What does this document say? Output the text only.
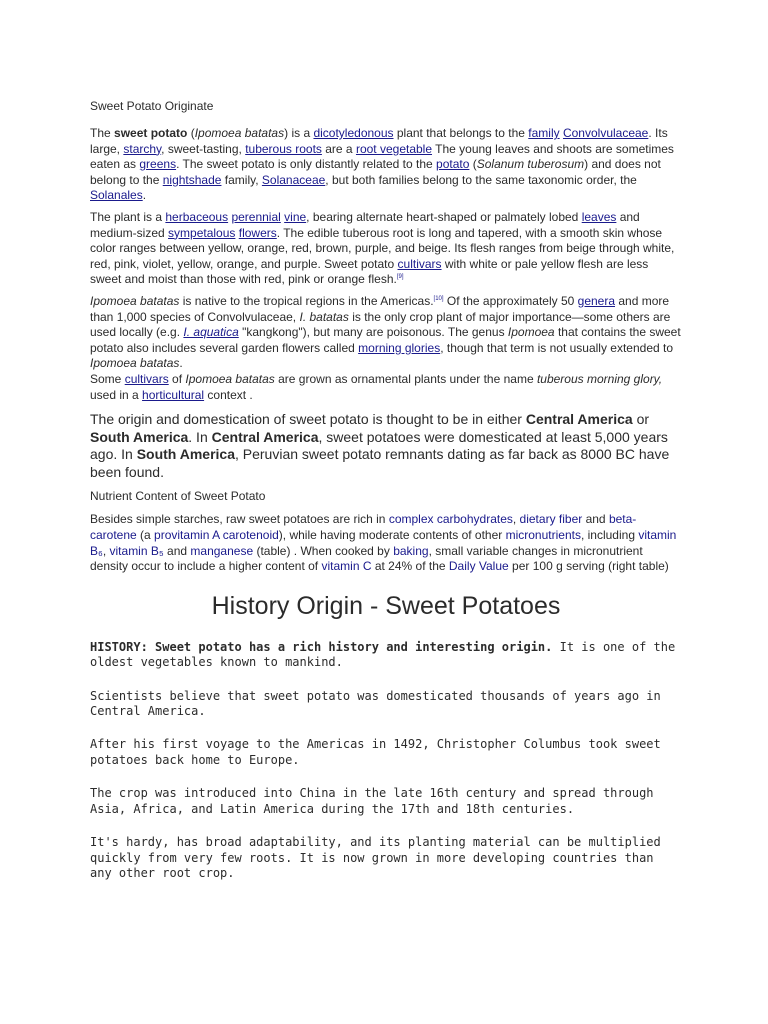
Sweet Potato Originate

The sweet potato (Ipomoea batatas) is a dicotyledonous plant that belongs to the family Convolvulaceae. Its large, starchy, sweet-tasting, tuberous roots are a root vegetable The young leaves and shoots are sometimes eaten as greens. The sweet potato is only distantly related to the potato (Solanum tuberosum) and does not belong to the nightshade family, Solanaceae, but both families belong to the same taxonomic order, the Solanales.

The plant is a herbaceous perennial vine, bearing alternate heart-shaped or palmately lobed leaves and medium-sized sympetalous flowers. The edible tuberous root is long and tapered, with a smooth skin whose color ranges between yellow, orange, red, brown, purple, and beige. Its flesh ranges from beige through white, red, pink, violet, yellow, orange, and purple. Sweet potato cultivars with white or pale yellow flesh are less sweet and moist than those with red, pink or orange flesh.[9]

Ipomoea batatas is native to the tropical regions in the Americas.[10] Of the approximately 50 genera and more than 1,000 species of Convolvulaceae, I. batatas is the only crop plant of major importance—some others are used locally (e.g. I. aquatica "kangkong"), but many are poisonous. The genus Ipomoea that contains the sweet potato also includes several garden flowers called morning glories, though that term is not usually extended to Ipomoea batatas.

Some cultivars of Ipomoea batatas are grown as ornamental plants under the name tuberous morning glory, used in a horticultural context .

The origin and domestication of sweet potato is thought to be in either Central America or South America. In Central America, sweet potatoes were domesticated at least 5,000 years ago. In South America, Peruvian sweet potato remnants dating as far back as 8000 BC have been found.

Nutrient Content of Sweet Potato

Besides simple starches, raw sweet potatoes are rich in complex carbohydrates, dietary fiber and beta-carotene (a provitamin A carotenoid), while having moderate contents of other micronutrients, including vitamin B₆, vitamin B₅ and manganese (table) . When cooked by baking, small variable changes in micronutrient density occur to include a higher content of vitamin C at 24% of the Daily Value per 100 g serving (right table)

History Origin - Sweet Potatoes

HISTORY: Sweet potato has a rich history and interesting origin. It is one of the oldest vegetables known to mankind.

Scientists believe that sweet potato was domesticated thousands of years ago in Central America.

After his first voyage to the Americas in 1492, Christopher Columbus took sweet potatoes back home to Europe.

The crop was introduced into China in the late 16th century and spread through Asia, Africa, and Latin America during the 17th and 18th centuries.

It's hardy, has broad adaptability, and its planting material can be multiplied quickly from very few roots. It is now grown in more developing countries than any other root crop.
